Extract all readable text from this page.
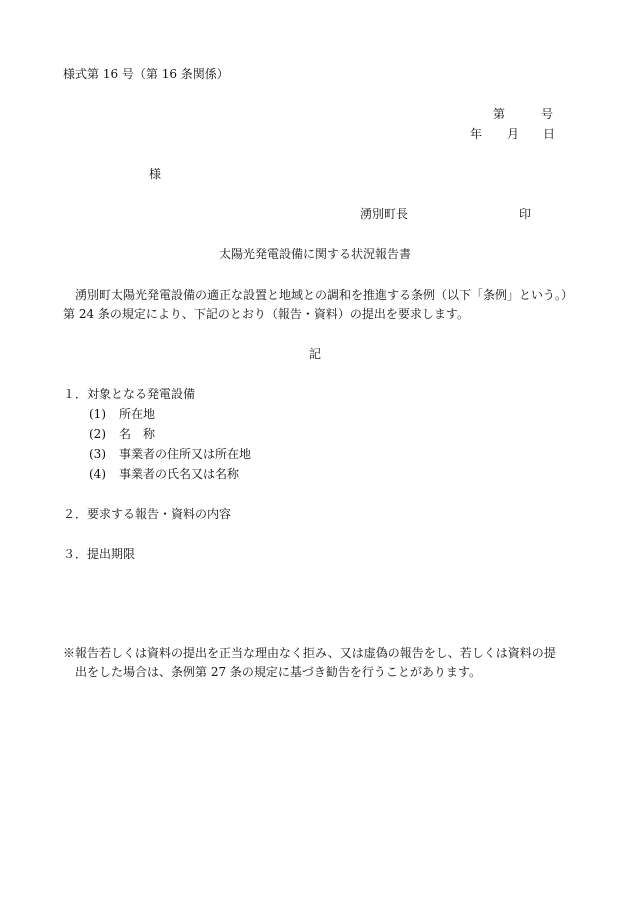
様式第 16 号（第 16 条関係）
第	号
年 月 日
様
湧別町長	印
太陽光発電設備に関する状況報告書
湧別町太陽光発電設備の適正な設置と地域との調和を推進する条例（以下「条例」という。）
第 24 条の規定により、下記のとおり（報告・資料）の提出を要求します。
記
１．対象となる発電設備
(1) 所在地
(2) 名　称
(3) 事業者の住所又は所在地
(4) 事業者の氏名又は名称
２．要求する報告・資料の内容
３．提出期限
※報告若しくは資料の提出を正当な理由なく拒み、又は虚偽の報告をし、若しくは資料の提
出をした場合は、条例第 27 条の規定に基づき勧告を行うことがあります。
